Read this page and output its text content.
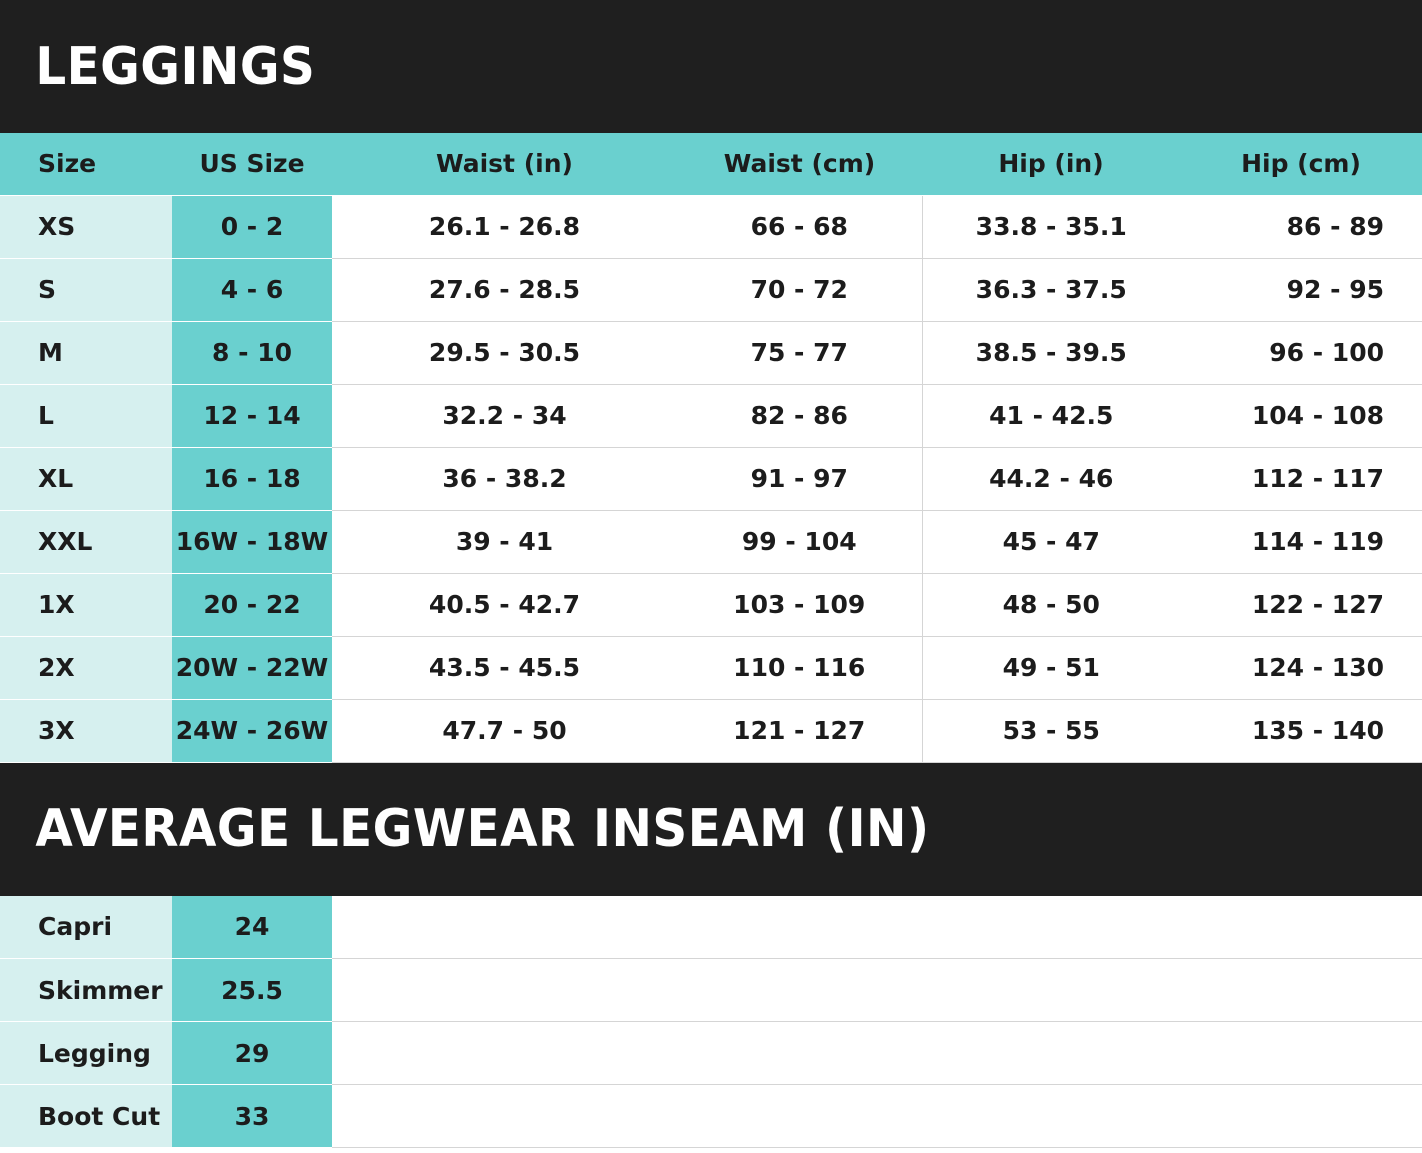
LEGGINGS
Size	US Size	Waist (in)	Waist (cm)	Hip (in)	Hip (cm)
XS	0 - 2	26.1 - 26.8	66 - 68	33.8 - 35.1	86 - 89
S	4 - 6	27.6 - 28.5	70 - 72	36.3 - 37.5	92 - 95
M	8 - 10	29.5 - 30.5	75 - 77	38.5 - 39.5	96 - 100
L	12 - 14	32.2 - 34	82 - 86	41 - 42.5	104 - 108
XL	16 - 18	36 - 38.2	91 - 97	44.2 - 46	112 - 117
XXL	16W - 18W	39 - 41	99 - 104	45 - 47	114 - 119
1X	20 - 22	40.5 - 42.7	103 - 109	48 - 50	122 - 127
2X	20W - 22W	43.5 - 45.5	110 - 116	49 - 51	124 - 130
3X	24W - 26W	47.7 - 50	121 - 127	53 - 55	135 - 140
AVERAGE LEGWEAR INSEAM (IN)
Capri	24	
Skimmer	25.5	
Legging	29	
Boot Cut	33	
